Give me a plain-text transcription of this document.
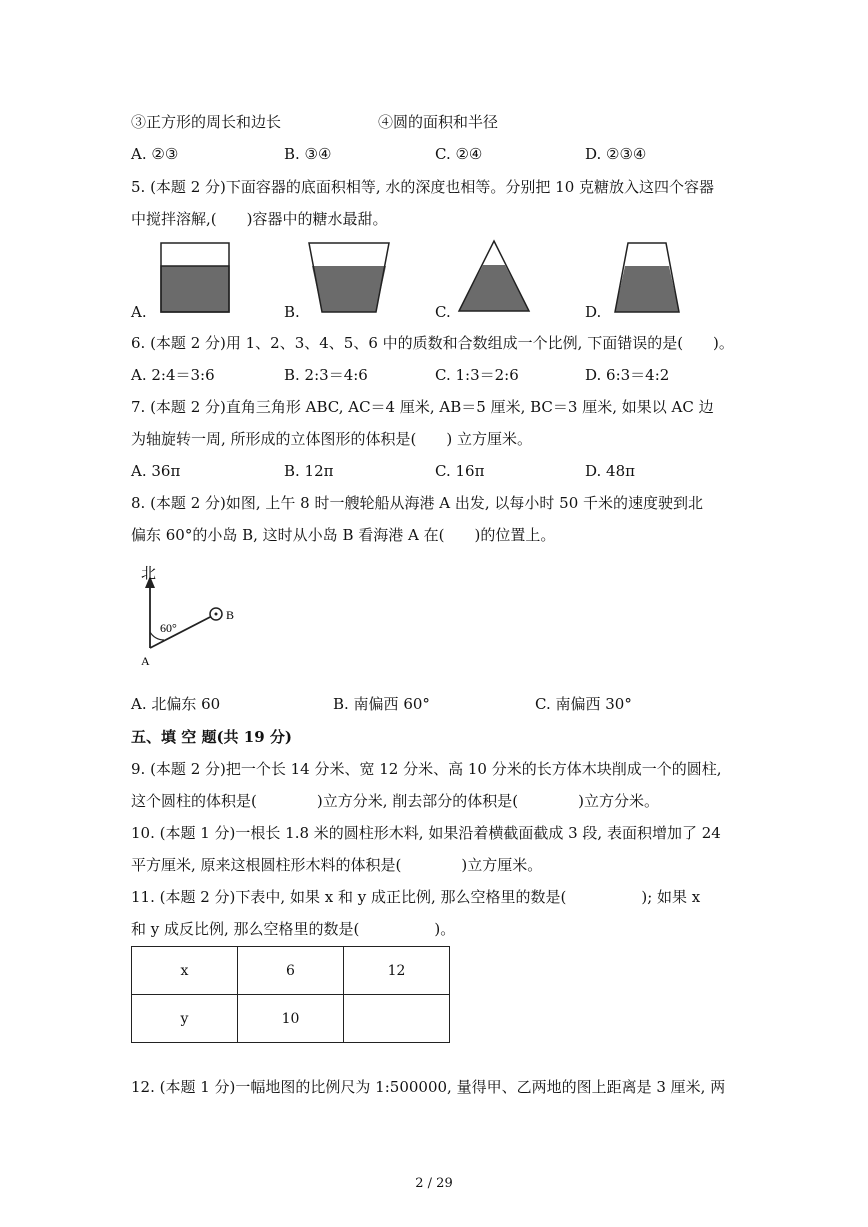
③正方形的周长和边长	④圆的面积和半径
A. ②③	B. ③④	C. ②④	D. ②③④
5. (本题 2 分)下面容器的底面积相等, 水的深度也相等。分别把 10 克糖放入这四个容器
中搅拌溶解,(　　)容器中的糖水最甜。
A.	B.	C.	D.
6. (本题 2 分)用 1、2、3、4、5、6 中的质数和合数组成一个比例, 下面错误的是(　　)。
A. 2:4＝3:6	B. 2:3＝4:6	C. 1:3＝2:6	D. 6:3＝4:2
7. (本题 2 分)直角三角形 ABC, AC＝4 厘米, AB＝5 厘米, BC＝3 厘米, 如果以 AC 边
为轴旋转一周, 所形成的立体图形的体积是(　　) 立方厘米。
A. 36π	B. 12π	C. 16π	D. 48π
8. (本题 2 分)如图, 上午 8 时一艘轮船从海港 A 出发, 以每小时 50 千米的速度驶到北
偏东 60°的小岛 B, 这时从小岛 B 看海港 A 在(　　)的位置上。
北
60°
B
A
A. 北偏东 60	B. 南偏西 60°	C. 南偏西 30°
五、填 空 题(共 19 分)
9. (本题 2 分)把一个长 14 分米、宽 12 分米、高 10 分米的长方体木块削成一个的圆柱,
这个圆柱的体积是(　　　　)立方分米, 削去部分的体积是(　　　　)立方分米。
10. (本题 1 分)一根长 1.8 米的圆柱形木料, 如果沿着横截面截成 3 段, 表面积增加了 24
平方厘米, 原来这根圆柱形木料的体积是(　　　　)立方厘米。
11. (本题 2 分)下表中, 如果 x 和 y 成正比例, 那么空格里的数是(　　　　　); 如果 x
和 y 成反比例, 那么空格里的数是(　　　　　)。
x	6	12
y	10	
12. (本题 1 分)一幅地图的比例尺为 1:500000, 量得甲、乙两地的图上距离是 3 厘米, 两
2 / 29
